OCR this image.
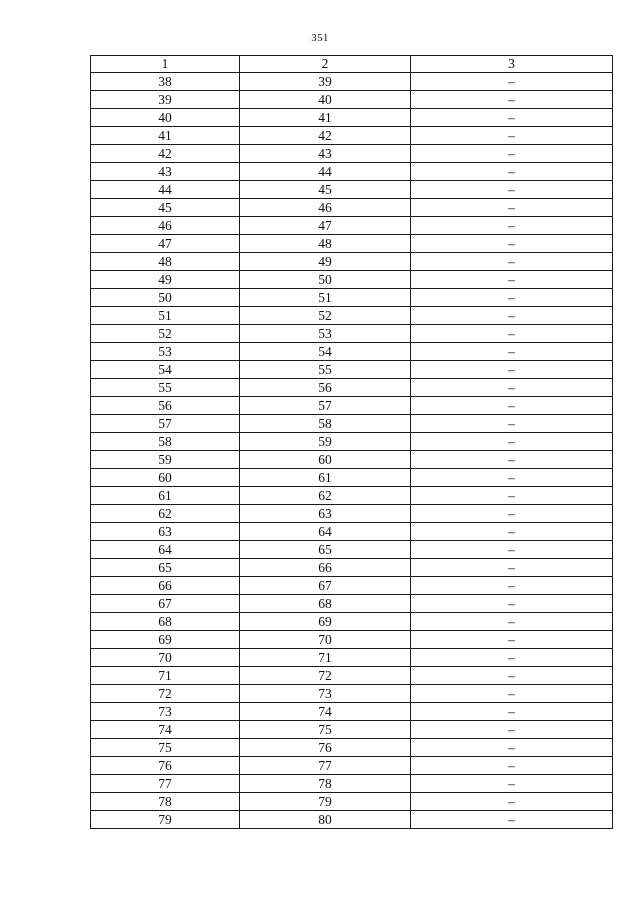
351
1	2	3
38	39	–
39	40	–
40	41	–
41	42	–
42	43	–
43	44	–
44	45	–
45	46	–
46	47	–
47	48	–
48	49	–
49	50	–
50	51	–
51	52	–
52	53	–
53	54	–
54	55	–
55	56	–
56	57	–
57	58	–
58	59	–
59	60	–
60	61	–
61	62	–
62	63	–
63	64	–
64	65	–
65	66	–
66	67	–
67	68	–
68	69	–
69	70	–
70	71	–
71	72	–
72	73	–
73	74	–
74	75	–
75	76	–
76	77	–
77	78	–
78	79	–
79	80	–
